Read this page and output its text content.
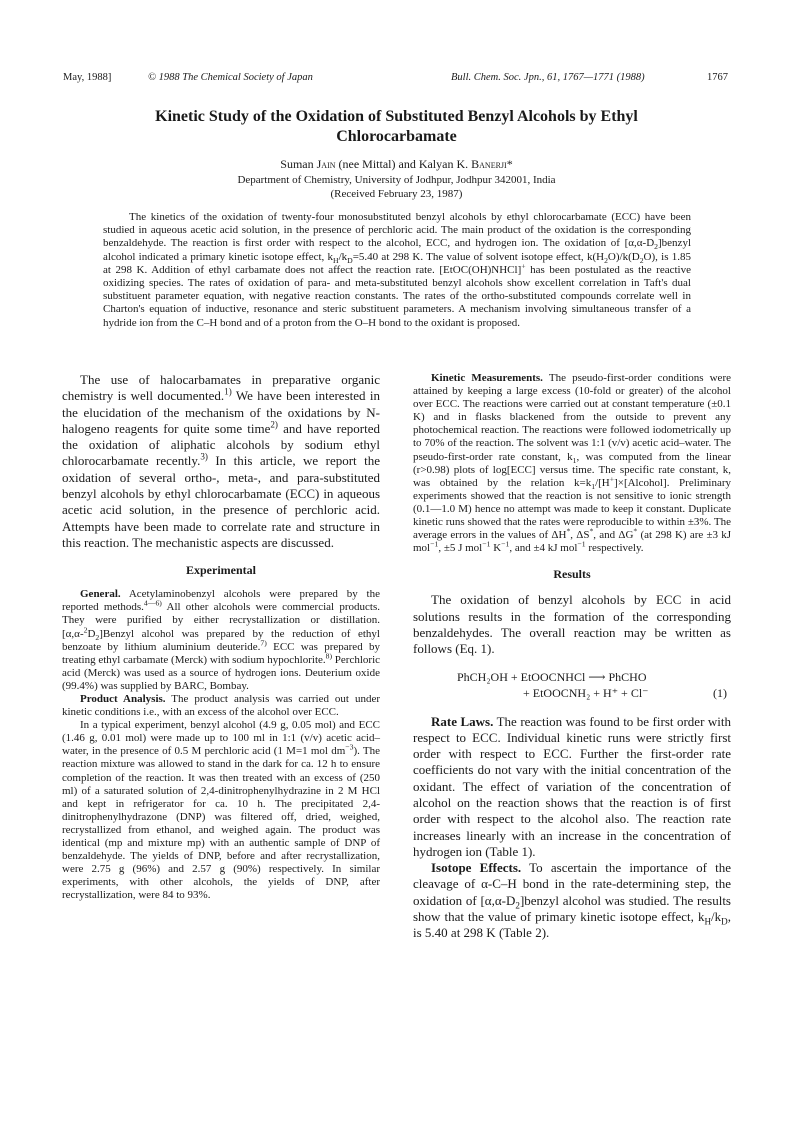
May, 1988]	© 1988 The Chemical Society of Japan	Bull. Chem. Soc. Jpn., 61, 1767—1771 (1988)	1767
Kinetic Study of the Oxidation of Substituted Benzyl Alcohols by Ethyl Chlorocarbamate
Suman Jain (nee Mittal) and Kalyan K. Banerji*
Department of Chemistry, University of Jodhpur, Jodhpur 342001, India
(Received February 23, 1987)

The kinetics of the oxidation of twenty-four monosubstituted benzyl alcohols by ethyl chlorocarbamate (ECC) have been studied in aqueous acetic acid solution, in the presence of perchloric acid. The main product of the oxidation is the corresponding benzaldehyde. The reaction is first order with respect to the alcohol, ECC, and hydrogen ion. The oxidation of $[\alpha,\alpha-D_2]benzyl$ alcohol indicated a primary kinetic isotope effect, $k_H/k_D=5.40$ at 298 K. The value of solvent isotope effect, $k(H_2O)/k(D_2O)$, is 1.85 at 298 K. Addition of ethyl carbamate does not affect the reaction rate. [EtOC(OH)NHCl]+ has been postulated as the reactive oxidizing species. The rates of oxidation of para- and meta-substituted benzyl alcohols show excellent correlation in Taft's dual substituent parameter equation, with negative reaction constants. The rates of the ortho-substituted compounds correlate well in Charton's equation of inductive, resonance and steric substituent parameters. A mechanism involving simultaneous transfer of a hydride ion from the C–H bond and of a proton from the O–H bond to the oxidant is proposed.

The use of halocarbamates in preparative organic chemistry is well documented.$^{1)}$ We have been interested in the elucidation of the mechanism of the oxidations by N-halogeno reagents for quite some time$^{2)}$ and have reported the oxidation of aliphatic alcohols by sodium ethyl chlorocarbamate recently.$^{3)}$ In this article, we report the oxidation of several ortho-, meta-, and para-substituted benzyl alcohols by ethyl chlorocarbamate (ECC) in aqueous acetic acid solution, in the presence of perchloric acid. Attempts have been made to correlate rate and structure in this reaction. The mechanistic aspects are discussed.

Experimental

General. Acetylaminobenzyl alcohols were prepared by the reported methods.$^{4—6)}$ All other alcohols were commercial products. They were purified by either recrystallization or distillation. $[\alpha,\alpha-^2D_2]Benzyl$ alcohol was prepared by the reduction of ethyl benzoate by lithium aluminium deuteride.$^{7)}$ ECC was prepared by treating ethyl carbamate (Merck) with sodium hypochlorite.$^{8)}$ Perchloric acid (Merck) was used as a source of hydrogen ions. Deuterium oxide (99.4%) was supplied by BARC, Bombay.

Product Analysis. The product analysis was carried out under kinetic conditions i.e., with an excess of the alcohol over ECC.

In a typical experiment, benzyl alcohol (4.9 g, 0.05 mol) and ECC (1.46 g, 0.01 mol) were made up to 100 ml in 1:1 (v/v) acetic acid–water, in the presence of 0.5 M perchloric acid (1 M=1 mol $dm^{-3}$). The reaction mixture was allowed to stand in the dark for ca. 12 h to ensure completion of the reaction. It was then treated with an excess of (250 ml) of a saturated solution of 2,4-dinitrophenylhydrazine in 2 M HCl and kept in refrigerator for ca. 10 h. The precipitated 2,4-dinitrophenylhydrazone (DNP) was filtered off, dried, weighed, recrystallized from ethanol, and weighed again. The product was identical (mp and mixture mp) with an authentic sample of DNP of benzaldehyde. The yields of DNP, before and after recrystallization, were 2.75 g (96%) and 2.57 g (90%) respectively. In similar experiments, with other alcohols, the yields of DNP, after recrystallization, were 84 to 93%.

Kinetic Measurements. The pseudo-first-order conditions were attained by keeping a large excess (10-fold or greater) of the alcohol over ECC. The reactions were carried out at constant temperature (±0.1 K) and in flasks blackened from the outside to prevent any photochemical reaction. The reactions were followed iodometrically up to 70% of the reaction. The solvent was 1:1 (v/v) acetic acid–water. The pseudo-first-order rate constant, $k_1$, was computed from the linear (r>0.98) plots of log[ECC] versus time. The specific rate constant, k, was obtained by the relation $k=k_1/[H^+]\times[Alcohol]$. Preliminary experiments showed that the reaction is not sensitive to ionic strength (0.1—1.0 M) hence no attempt was made to keep it constant. Duplicate kinetic runs showed that the rates were reproducible to within ±3%. The average errors in the values of ΔH*, ΔS*, and ΔG* (at 298 K) are ±3 kJ mol$^{-1}$, ±5 J mol$^{-1}$ $K^{-1}$, and ±4 kJ mol$^{-1}$ respectively.

Results

The oxidation of benzyl alcohols by ECC in acid solutions results in the formation of the corresponding benzaldehydes. The overall reaction may be written as follows (Eq. 1).

PhCH₂OH + EtOOCNHCl ⟶ PhCHO
+ EtOOCNH₂ + H⁺ + Cl⁻	(1)

Rate Laws. The reaction was found to be first order with respect to ECC. Individual kinetic runs were strictly first order with respect to ECC. Further the first-order rate coefficients do not vary with the initial concentration of the oxidant. The effect of variation of the concentration of alcohol on the reaction shows that the reaction is of first order with respect to the alcohol also. The reaction rate increases linearly with an increase in the concentration of hydrogen ion (Table 1).

Isotope Effects. To ascertain the importance of the cleavage of α-C–H bond in the rate-determining step, the oxidation of $[\alpha,\alpha-D_2]benzyl$ alcohol was studied. The results show that the value of primary kinetic isotope effect, $k_H/k_D$, is 5.40 at 298 K (Table 2).
